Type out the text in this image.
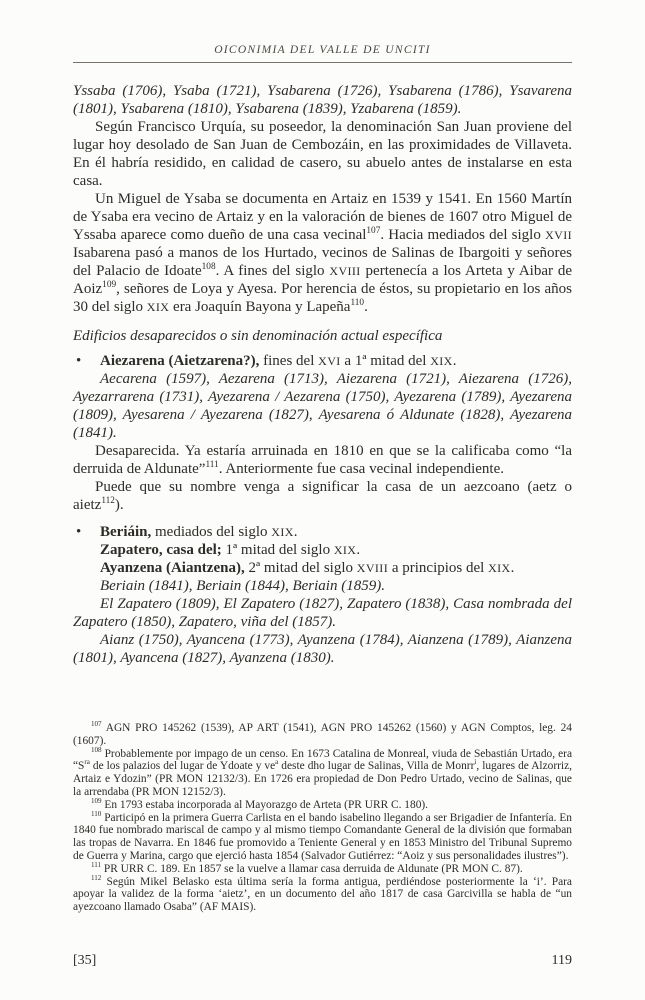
OICONIMIA DEL VALLE DE UNCITI
Yssaba (1706), Ysaba (1721), Ysabarena (1726), Ysabarena (1786), Ysavarena (1801), Ysabarena (1810), Ysabarena (1839), Yzabarena (1859).
Según Francisco Urquía, su poseedor, la denominación San Juan proviene del lugar hoy desolado de San Juan de Cembozáin, en las proximidades de Villaveta. En él habría residido, en calidad de casero, su abuelo antes de instalarse en esta casa.
Un Miguel de Ysaba se documenta en Artaiz en 1539 y 1541. En 1560 Martín de Ysaba era vecino de Artaiz y en la valoración de bienes de 1607 otro Miguel de Yssaba aparece como dueño de una casa vecinal$^{107}$. Hacia mediados del siglo XVII Isabarena pasó a manos de los Hurtado, vecinos de Salinas de Ibargoiti y señores del Palacio de Idoate$^{108}$. A fines del siglo XVIII pertenecía a los Arteta y Aibar de Aoiz$^{109}$, señores de Loya y Ayesa. Por herencia de éstos, su propietario en los años 30 del siglo XIX era Joaquín Bayona y Lapeña$^{110}$.
Edificios desaparecidos o sin denominación actual específica
• Aiezarena (Aietzarena?), fines del XVI a 1ª mitad del XIX.
Aecarena (1597), Aezarena (1713), Aiezarena (1721), Aiezarena (1726), Ayezarrarena (1731), Ayezarena / Aezarena (1750), Ayezarena (1789), Ayezarena (1809), Ayesarena / Ayezarena (1827), Ayesarena ó Aldunate (1828), Ayezarena (1841).
Desaparecida. Ya estaría arruinada en 1810 en que se la calificaba como “la derruida de Aldunate”$^{111}$. Anteriormente fue casa vecinal independiente.
Puede que su nombre venga a significar la casa de un aezcoano (aetz o aietz$^{112}$).
• Beriáin, mediados del siglo XIX.
Zapatero, casa del; 1ª mitad del siglo XIX.
Ayanzena (Aiantzena), 2ª mitad del siglo XVIII a principios del XIX.
Beriain (1841), Beriain (1844), Beriain (1859).
El Zapatero (1809), El Zapatero (1827), Zapatero (1838), Casa nombrada del Zapatero (1850), Zapatero, viña del (1857).
Aianz (1750), Ayancena (1773), Ayanzena (1784), Aianzena (1789), Aianzena (1801), Ayancena (1827), Ayanzena (1830).
$^{107}$ AGN PRO 145262 (1539), AP ART (1541), AGN PRO 145262 (1560) y AGN Comptos, leg. 24 (1607).
$^{108}$ Probablemente por impago de un censo. En 1673 Catalina de Monreal, viuda de Sebastián Urtado, era “$S^{ra}$ de los palazios del lugar de Ydoate y $ve^a$ deste dho lugar de Salinas, Villa de Monrr$^i$, lugares de Alzorriz, Artaiz e Ydozin” (PR MON 12132/3). En 1726 era propiedad de Don Pedro Urtado, vecino de Salinas, que la arrendaba (PR MON 12152/3).
$^{109}$ En 1793 estaba incorporada al Mayorazgo de Arteta (PR URR C. 180).
$^{110}$ Participó en la primera Guerra Carlista en el bando isabelino llegando a ser Brigadier de Infantería. En 1840 fue nombrado mariscal de campo y al mismo tiempo Comandante General de la división que formaban las tropas de Navarra. En 1846 fue promovido a Teniente General y en 1853 Ministro del Tribunal Supremo de Guerra y Marina, cargo que ejerció hasta 1854 (Salvador Gutiérrez: “Aoiz y sus personalidades ilustres”).
$^{111}$ PR URR C. 189. En 1857 se la vuelve a llamar casa derruida de Aldunate (PR MON C. 87).
$^{112}$ Según Mikel Belasko esta última sería la forma antigua, perdiéndose posteriormente la ‘i’. Para apoyar la validez de la forma ‘aietz’, en un documento del año 1817 de casa Garcivilla se habla de “un ayezcoano llamado Osaba” (AF MAIS).
[35]	119
